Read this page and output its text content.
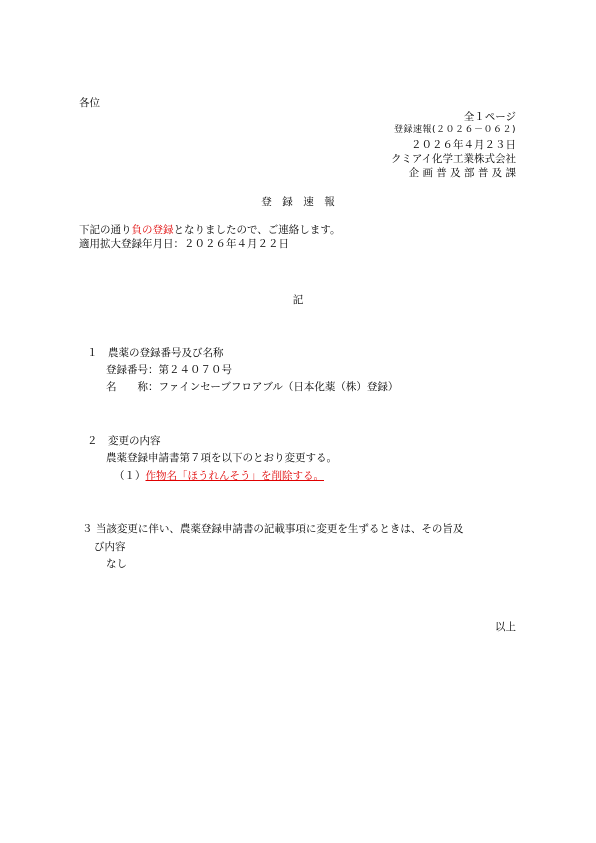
各位
全１ページ
登録速報(２０２６－０６２)
２０２６年４月２３日
クミアイ化学工業株式会社
企 画 普 及 部 普 及 課
登　録　速　報
下記の通り負の登録となりましたので、ご連絡します。
適用拡大登録年月日：２０２６年４月２２日
記
１　農薬の登録番号及び名称
登録番号：第２４０７０号
名　　称：ファインセーブフロアブル（日本化薬（株）登録）
２　変更の内容
農薬登録申請書第７項を以下のとおり変更する。
（１）作物名「ほうれんそう」を削除する。
３ 当該変更に伴い、農薬登録申請書の記載事項に変更を生ずるときは、その旨及
び内容
なし
以上
